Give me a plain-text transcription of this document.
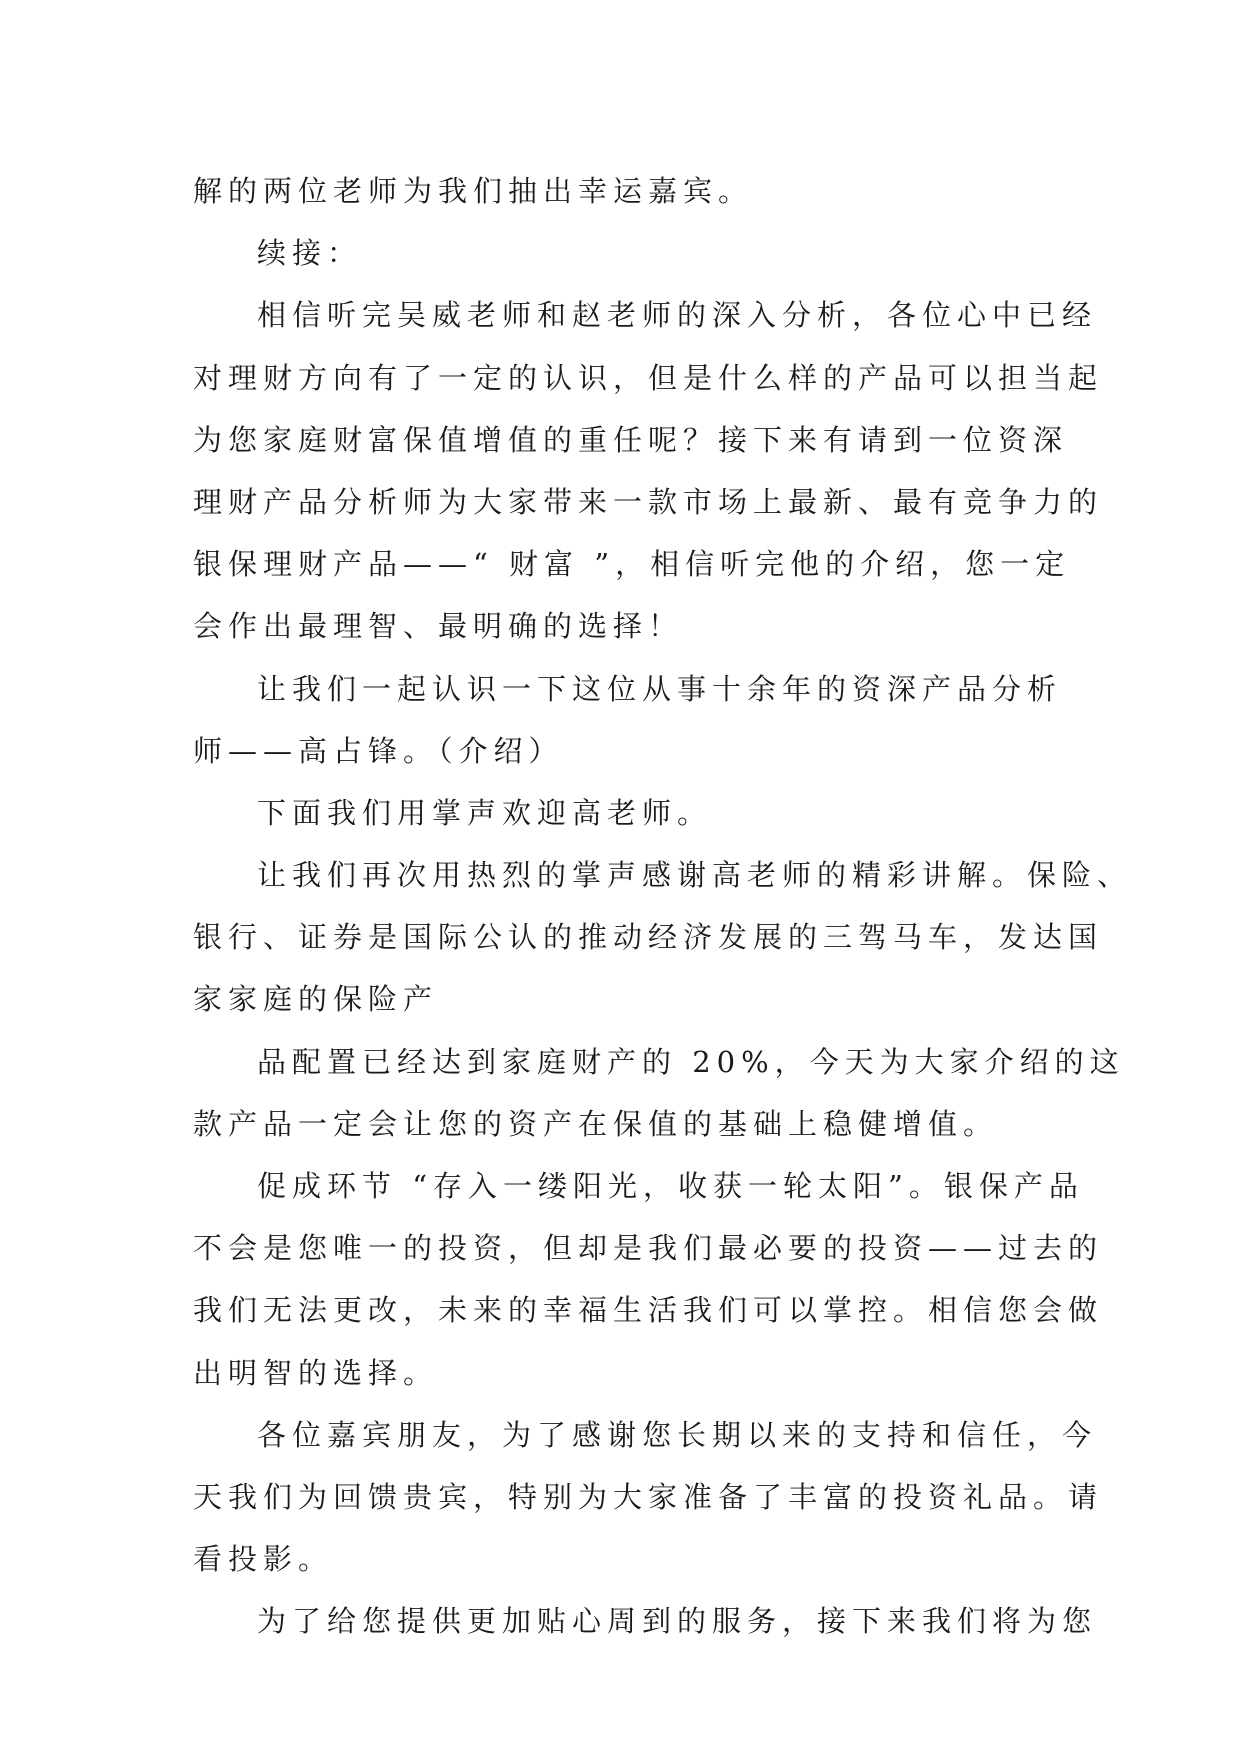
解的两位老师为我们抽出幸运嘉宾。
续接：
相信听完吴威老师和赵老师的深入分析，各位心中已经
对理财方向有了一定的认识，但是什么样的产品可以担当起
为您家庭财富保值增值的重任呢？接下来有请到一位资深
理财产品分析师为大家带来一款市场上最新、最有竞争力的
银保理财产品——“ 财富 ”，相信听完他的介绍，您一定
会作出最理智、最明确的选择！
让我们一起认识一下这位从事十余年的资深产品分析
师——高占锋。（介绍）
下面我们用掌声欢迎高老师。
让我们再次用热烈的掌声感谢高老师的精彩讲解。保险、
银行、证券是国际公认的推动经济发展的三驾马车，发达国
家家庭的保险产
品配置已经达到家庭财产的 20%，今天为大家介绍的这
款产品一定会让您的资产在保值的基础上稳健增值。
促成环节 “存入一缕阳光，收获一轮太阳”。银保产品
不会是您唯一的投资，但却是我们最必要的投资——过去的
我们无法更改，未来的幸福生活我们可以掌控。相信您会做
出明智的选择。
各位嘉宾朋友，为了感谢您长期以来的支持和信任，今
天我们为回馈贵宾，特别为大家准备了丰富的投资礼品。请
看投影。
为了给您提供更加贴心周到的服务，接下来我们将为您
